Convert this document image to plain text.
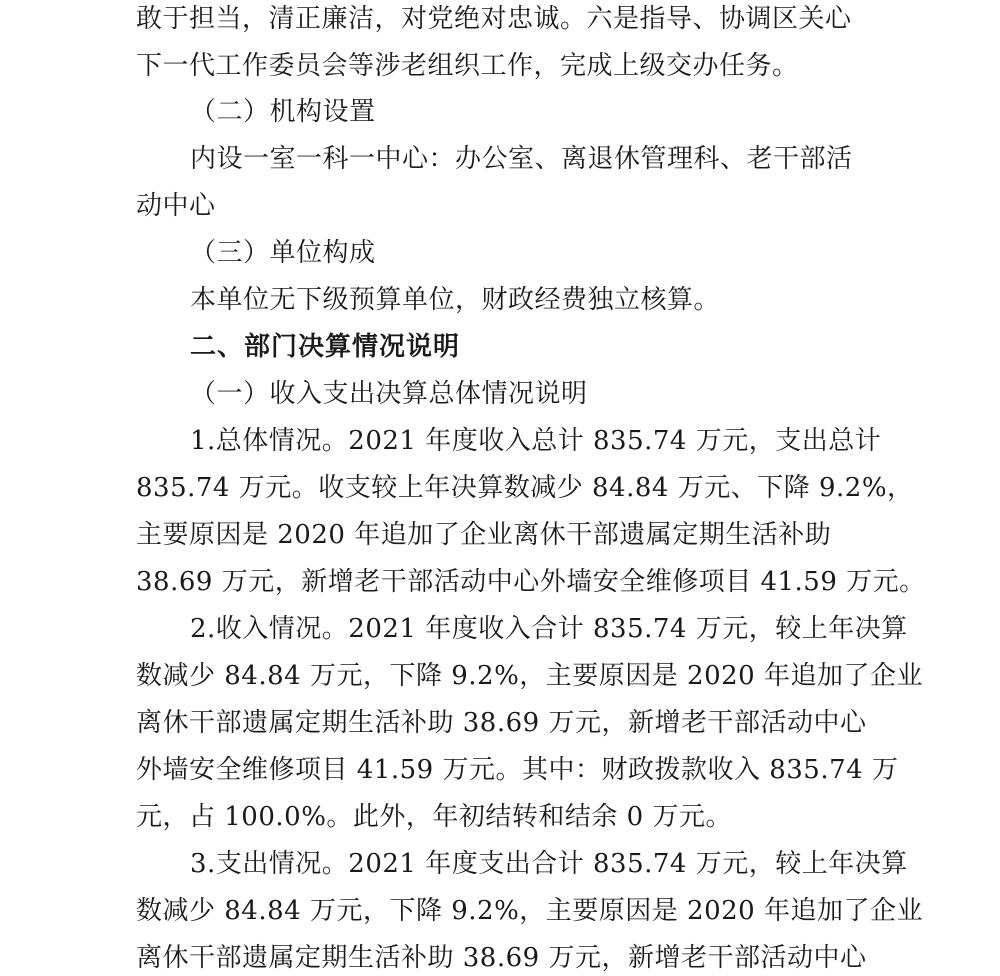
敢于担当，清正廉洁，对党绝对忠诚。六是指导、协调区关心
下一代工作委员会等涉老组织工作，完成上级交办任务。
（二）机构设置
内设一室一科一中心：办公室、离退休管理科、老干部活
动中心
（三）单位构成
本单位无下级预算单位，财政经费独立核算。
二、部门决算情况说明
（一）收入支出决算总体情况说明
1.总体情况。2021 年度收入总计 835.74 万元，支出总计
835.74 万元。收支较上年决算数减少 84.84 万元、下降 9.2%，
主要原因是 2020 年追加了企业离休干部遗属定期生活补助
38.69 万元，新增老干部活动中心外墙安全维修项目 41.59 万元。
2.收入情况。2021 年度收入合计 835.74 万元，较上年决算
数减少 84.84 万元，下降 9.2%，主要原因是 2020 年追加了企业
离休干部遗属定期生活补助 38.69 万元，新增老干部活动中心
外墙安全维修项目 41.59 万元。其中：财政拨款收入 835.74 万
元，占 100.0%。此外，年初结转和结余 0 万元。
3.支出情况。2021 年度支出合计 835.74 万元，较上年决算
数减少 84.84 万元，下降 9.2%，主要原因是 2020 年追加了企业
离休干部遗属定期生活补助 38.69 万元，新增老干部活动中心
